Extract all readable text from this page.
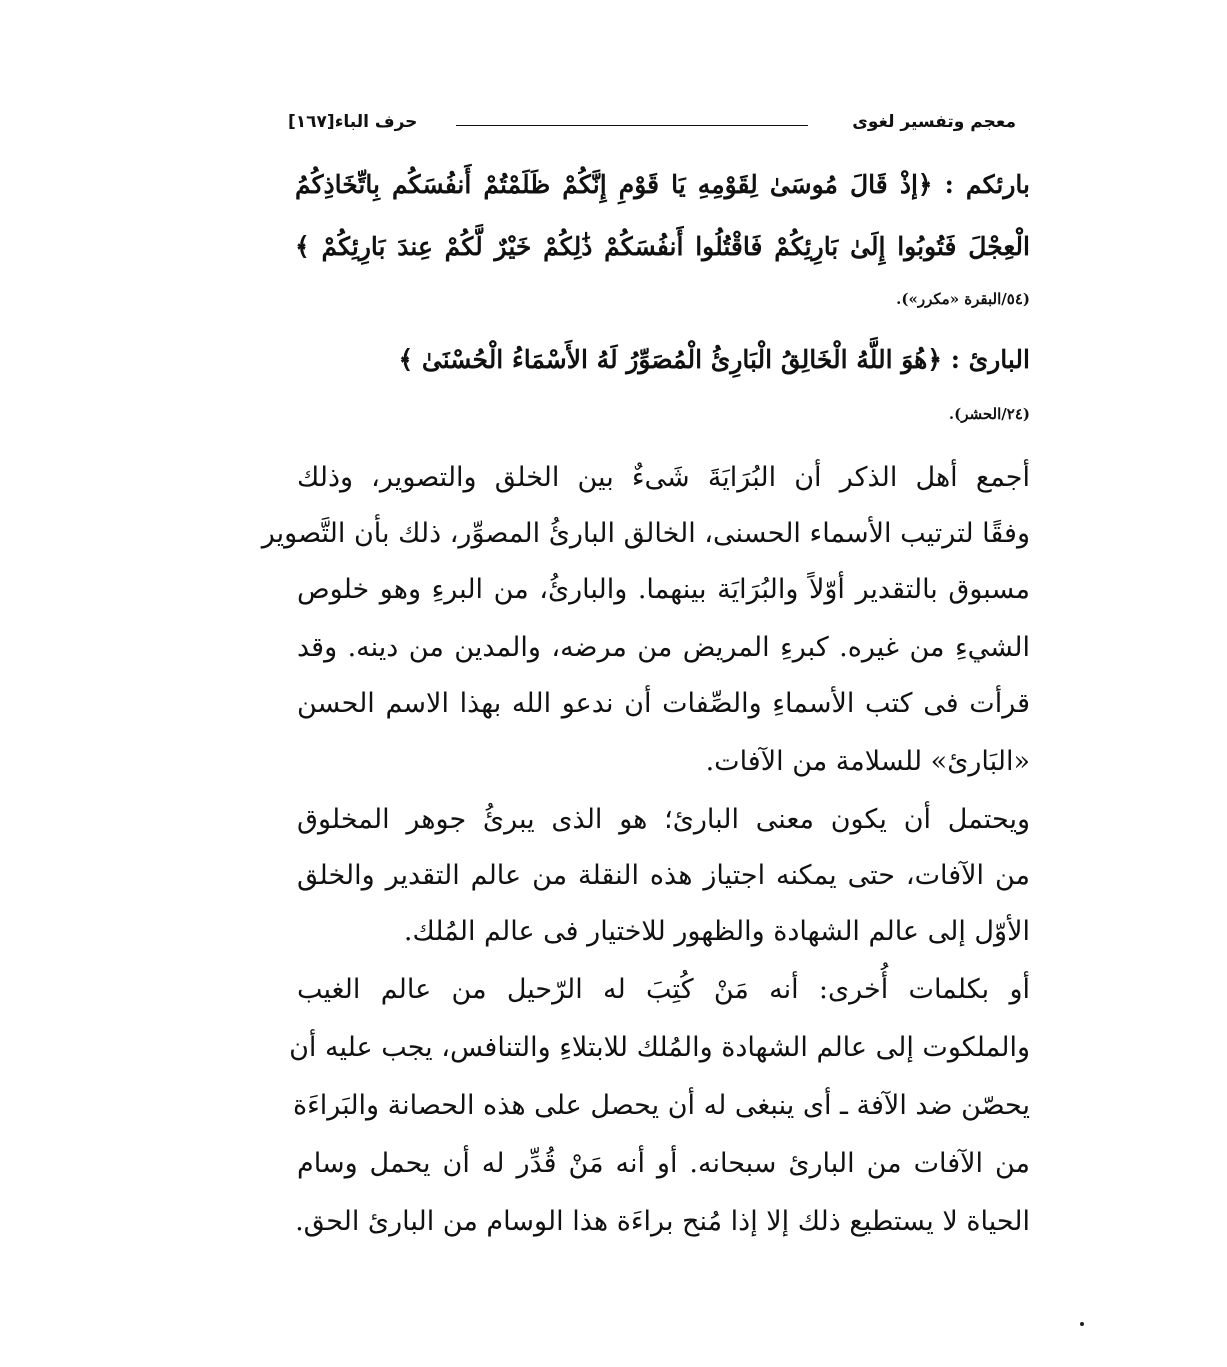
معجم وتفسير لغوى
حرف الباء[١٦٧]
بارئكم : ﴿إذْ قَالَ مُوسَىٰ لِقَوْمِهِ يَا قَوْمِ إِنَّكُمْ ظَلَمْتُمْ أَنفُسَكُم بِاتِّخَاذِكُمُ
الْعِجْلَ فَتُوبُوا إِلَىٰ بَارِئِكُمْ فَاقْتُلُوا أَنفُسَكُمْ ذَٰلِكُمْ خَيْرٌ لَّكُمْ عِندَ بَارِئِكُمْ ﴾
(٥٤/البقرة «مكرر»).
البارئ : ﴿هُوَ اللَّهُ الْخَالِقُ الْبَارِئُ الْمُصَوِّرُ لَهُ الأَسْمَاءُ الْحُسْنَىٰ ﴾
(٢٤/الحشر).
أجمع أهل الذكر أن البُرَايَةَ شَىءٌ بين الخلق والتصوير، وذلك
وفقًا لترتيب الأسماء الحسنى، الخالق البارئُ المصوِّر، ذلك بأن التَّصوير
مسبوق بالتقدير أوّلاً والبُرَايَة بينهما. والبارئُ، من البرءِ وهو خلوص
الشيءِ من غيره. كبرءِ المريض من مرضه، والمدين من دينه. وقد
قرأت فى كتب الأسماءِ والصِّفات أن ندعو الله بهذا الاسم الحسن
«البَارئ» للسلامة من الآفات.
ويحتمل أن يكون معنى البارئ؛ هو الذى يبرئُ جوهر المخلوق
من الآفات، حتى يمكنه اجتياز هذه النقلة من عالم التقدير والخلق
الأوّل إلى عالم الشهادة والظهور للاختيار فى عالم المُلك.
أو بكلمات أُخرى: أنه مَنْ كُتِبَ له الرّحيل من عالم الغيب
والملكوت إلى عالم الشهادة والمُلك للابتلاءِ والتنافس، يجب عليه أن
يحصّن ضد الآفة ـ أى ينبغى له أن يحصل على هذه الحصانة والبَراءَة
من الآفات من البارئ سبحانه. أو أنه مَنْ قُدِّر له أن يحمل وسام
الحياة لا يستطيع ذلك إلا إذا مُنح براءَة هذا الوسام من البارئ الحق.
